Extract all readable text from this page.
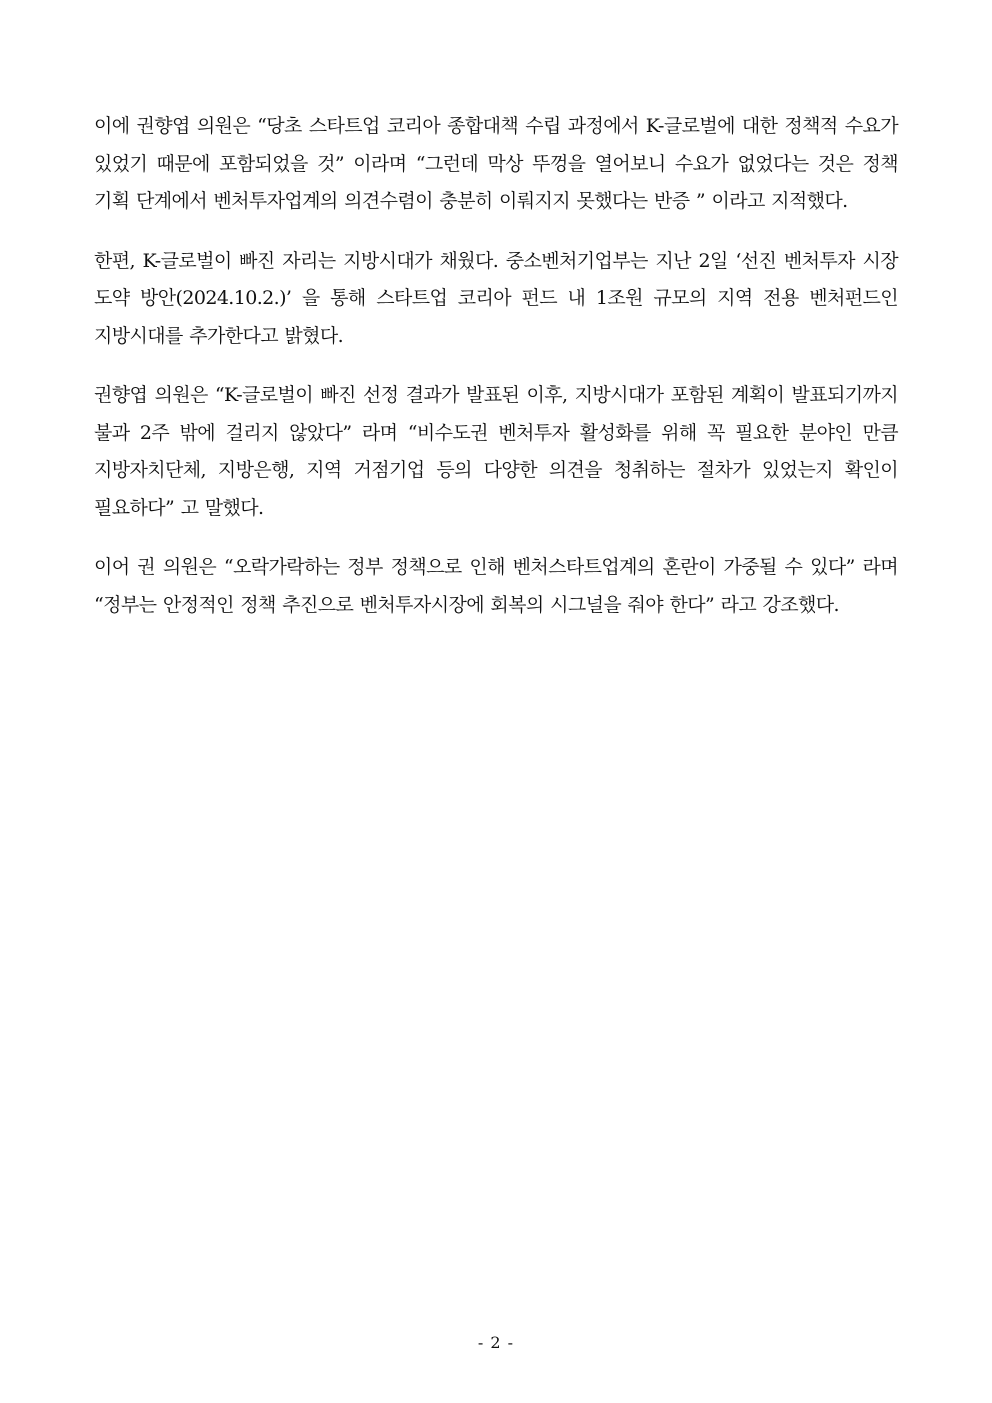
이에 권향엽 의원은 “당초 스타트업 코리아 종합대책 수립 과정에서 K-글로벌에 대한 정책적 수요가 있었기 때문에 포함되었을 것” 이라며 “그런데 막상 뚜껑을 열어보니 수요가 없었다는 것은 정책 기획 단계에서 벤처투자업계의 의견수렴이 충분히 이뤄지지 못했다는 반증 ” 이라고 지적했다.

한편, K-글로벌이 빠진 자리는 지방시대가 채웠다. 중소벤처기업부는 지난 2일 ‘선진 벤처투자 시장 도약 방안(2024.10.2.)’ 을 통해 스타트업 코리아 펀드 내 1조원 규모의 지역 전용 벤처펀드인 지방시대를 추가한다고 밝혔다.

권향엽 의원은 “K-글로벌이 빠진 선정 결과가 발표된 이후, 지방시대가 포함된 계획이 발표되기까지 불과 2주 밖에 걸리지 않았다” 라며 “비수도권 벤처투자 활성화를 위해 꼭 필요한 분야인 만큼 지방자치단체, 지방은행, 지역 거점기업 등의 다양한 의견을 청취하는 절차가 있었는지 확인이 필요하다” 고 말했다.

이어 권 의원은 “오락가락하는 정부 정책으로 인해 벤처스타트업계의 혼란이 가중될 수 있다” 라며 “정부는 안정적인 정책 추진으로 벤처투자시장에 회복의 시그널을 줘야 한다” 라고 강조했다.

- 2 -
